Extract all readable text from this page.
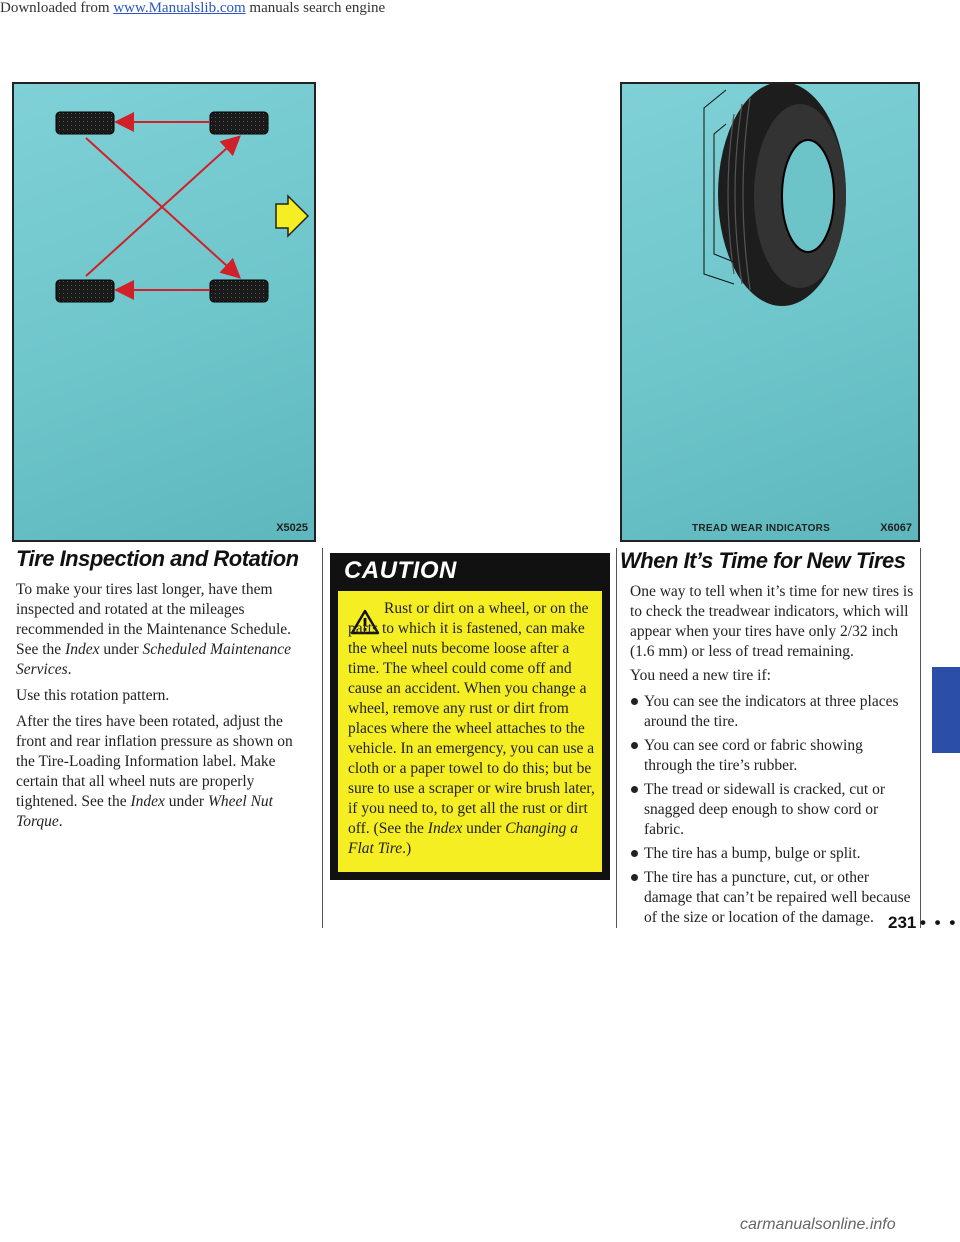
Downloaded from www.Manualslib.com manuals search engine
X5025	TREAD WEAR INDICATORS	X6067
Tire Inspection and Rotation

To make your tires last longer, have them inspected and rotated at the mileages recommended in the Maintenance Schedule. See the Index under Scheduled Maintenance Services.

Use this rotation pattern.

After the tires have been rotated, adjust the front and rear inflation pressure as shown on the Tire-Loading Information label. Make certain that all wheel nuts are properly tightened. See the Index under Wheel Nut Torque.

CAUTION
Rust or dirt on a wheel, or on the parts to which it is fastened, can make the wheel nuts become loose after a time. The wheel could come off and cause an accident. When you change a wheel, remove any rust or dirt from places where the wheel attaches to the vehicle. In an emergency, you can use a cloth or a paper towel to do this; but be sure to use a scraper or wire brush later, if you need to, to get all the rust or dirt off. (See the Index under Changing a Flat Tire.)
When It’s Time for New Tires

One way to tell when it’s time for new tires is to check the treadwear indicators, which will appear when your tires have only 2/32 inch (1.6 mm) or less of tread remaining.

You need a new tire if:

You can see the indicators at three places around the tire.
You can see cord or fabric showing through the tire’s rubber.
The tread or sidewall is cracked, cut or snagged deep enough to show cord or fabric.
The tire has a bump, bulge or split.
The tire has a puncture, cut, or other damage that can’t be repaired well because of the size or location of the damage. 231 • • •
carmanualsonline.info
